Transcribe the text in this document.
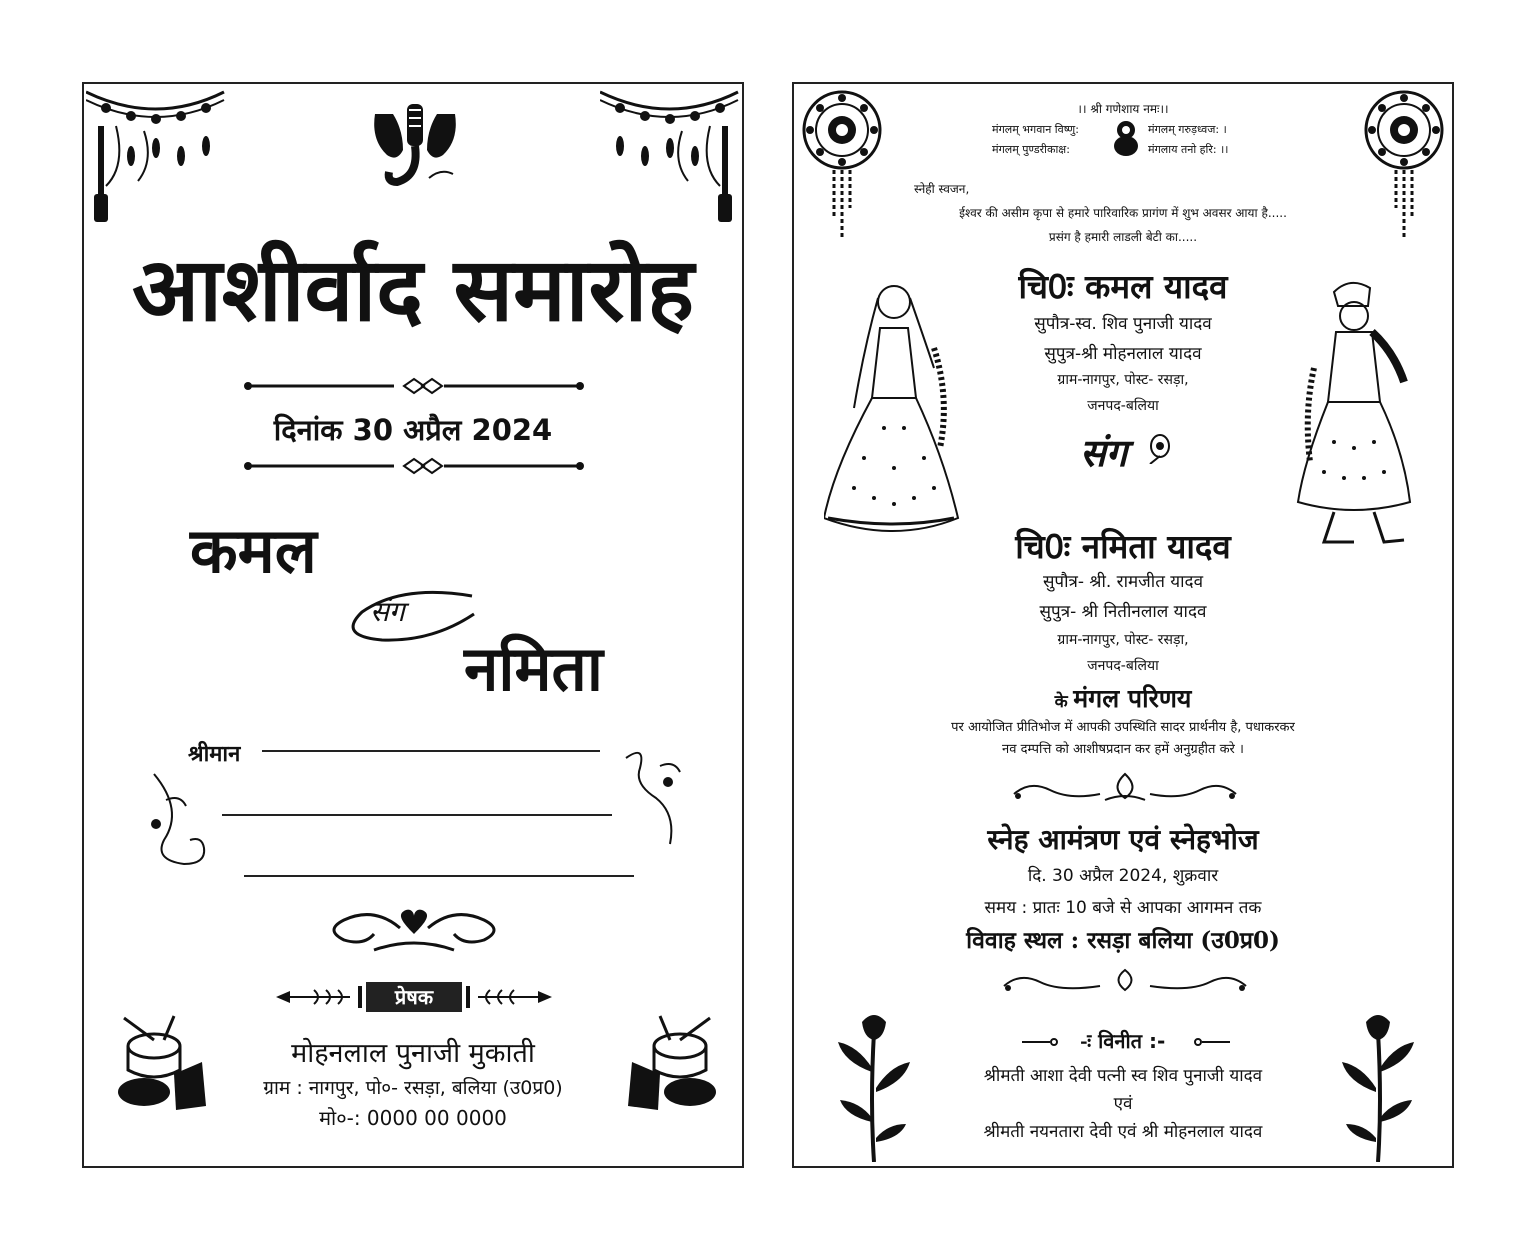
आशीर्वाद समारोह
दिनांक 30 अप्रैल 2024
कमल
संग
नमिता
श्रीमान
प्रेषक
मोहनलाल पुनाजी मुकाती
ग्राम : नागपुर, पो०- रसड़ा, बलिया (उ0प्र0)
मो०-: 0000 00 0000
।। श्री गणेशाय नमः।।
मंगलम् भगवान विष्णु:	मंगलम् गरुड़ध्वज: ।
मंगलम् पुण्डरीकाक्ष:	मंगलाय तनो हरि: ।।
स्नेही स्वजन,
ईश्वर की असीम कृपा से हमारे पारिवारिक प्रागंण में शुभ अवसर आया है.....
प्रसंग है हमारी लाडली बेटी का.....
चि0ः कमल यादव
सुपौत्र-स्व. शिव पुनाजी यादव
सुपुत्र-श्री मोहनलाल यादव
ग्राम-नागपुर, पोस्ट- रसड़ा,
जनपद-बलिया
संग
चि0ः नमिता यादव
सुपौत्र- श्री. रामजीत यादव
सुपुत्र- श्री नितीनलाल यादव
ग्राम-नागपुर, पोस्ट- रसड़ा,
जनपद-बलिया
के मंगल परिणय
पर आयोजित प्रीतिभोज में आपकी उपस्थिति सादर प्रार्थनीय है, पधाकरकर
नव दम्पत्ति को आशीषप्रदान कर हमें अनुग्रहीत करे ।
स्नेह आमंत्रण एवं स्नेहभोज
दि. 30 अप्रैल 2024, शुक्रवार
समय : प्रातः 10 बजे से आपका आगमन तक
विवाह स्थल : रसड़ा बलिया (उ0प्र0)
-ः विनीत :-
श्रीमती आशा देवी पत्नी स्व शिव पुनाजी यादव
एवं
श्रीमती नयनतारा देवी एवं श्री मोहनलाल यादव
